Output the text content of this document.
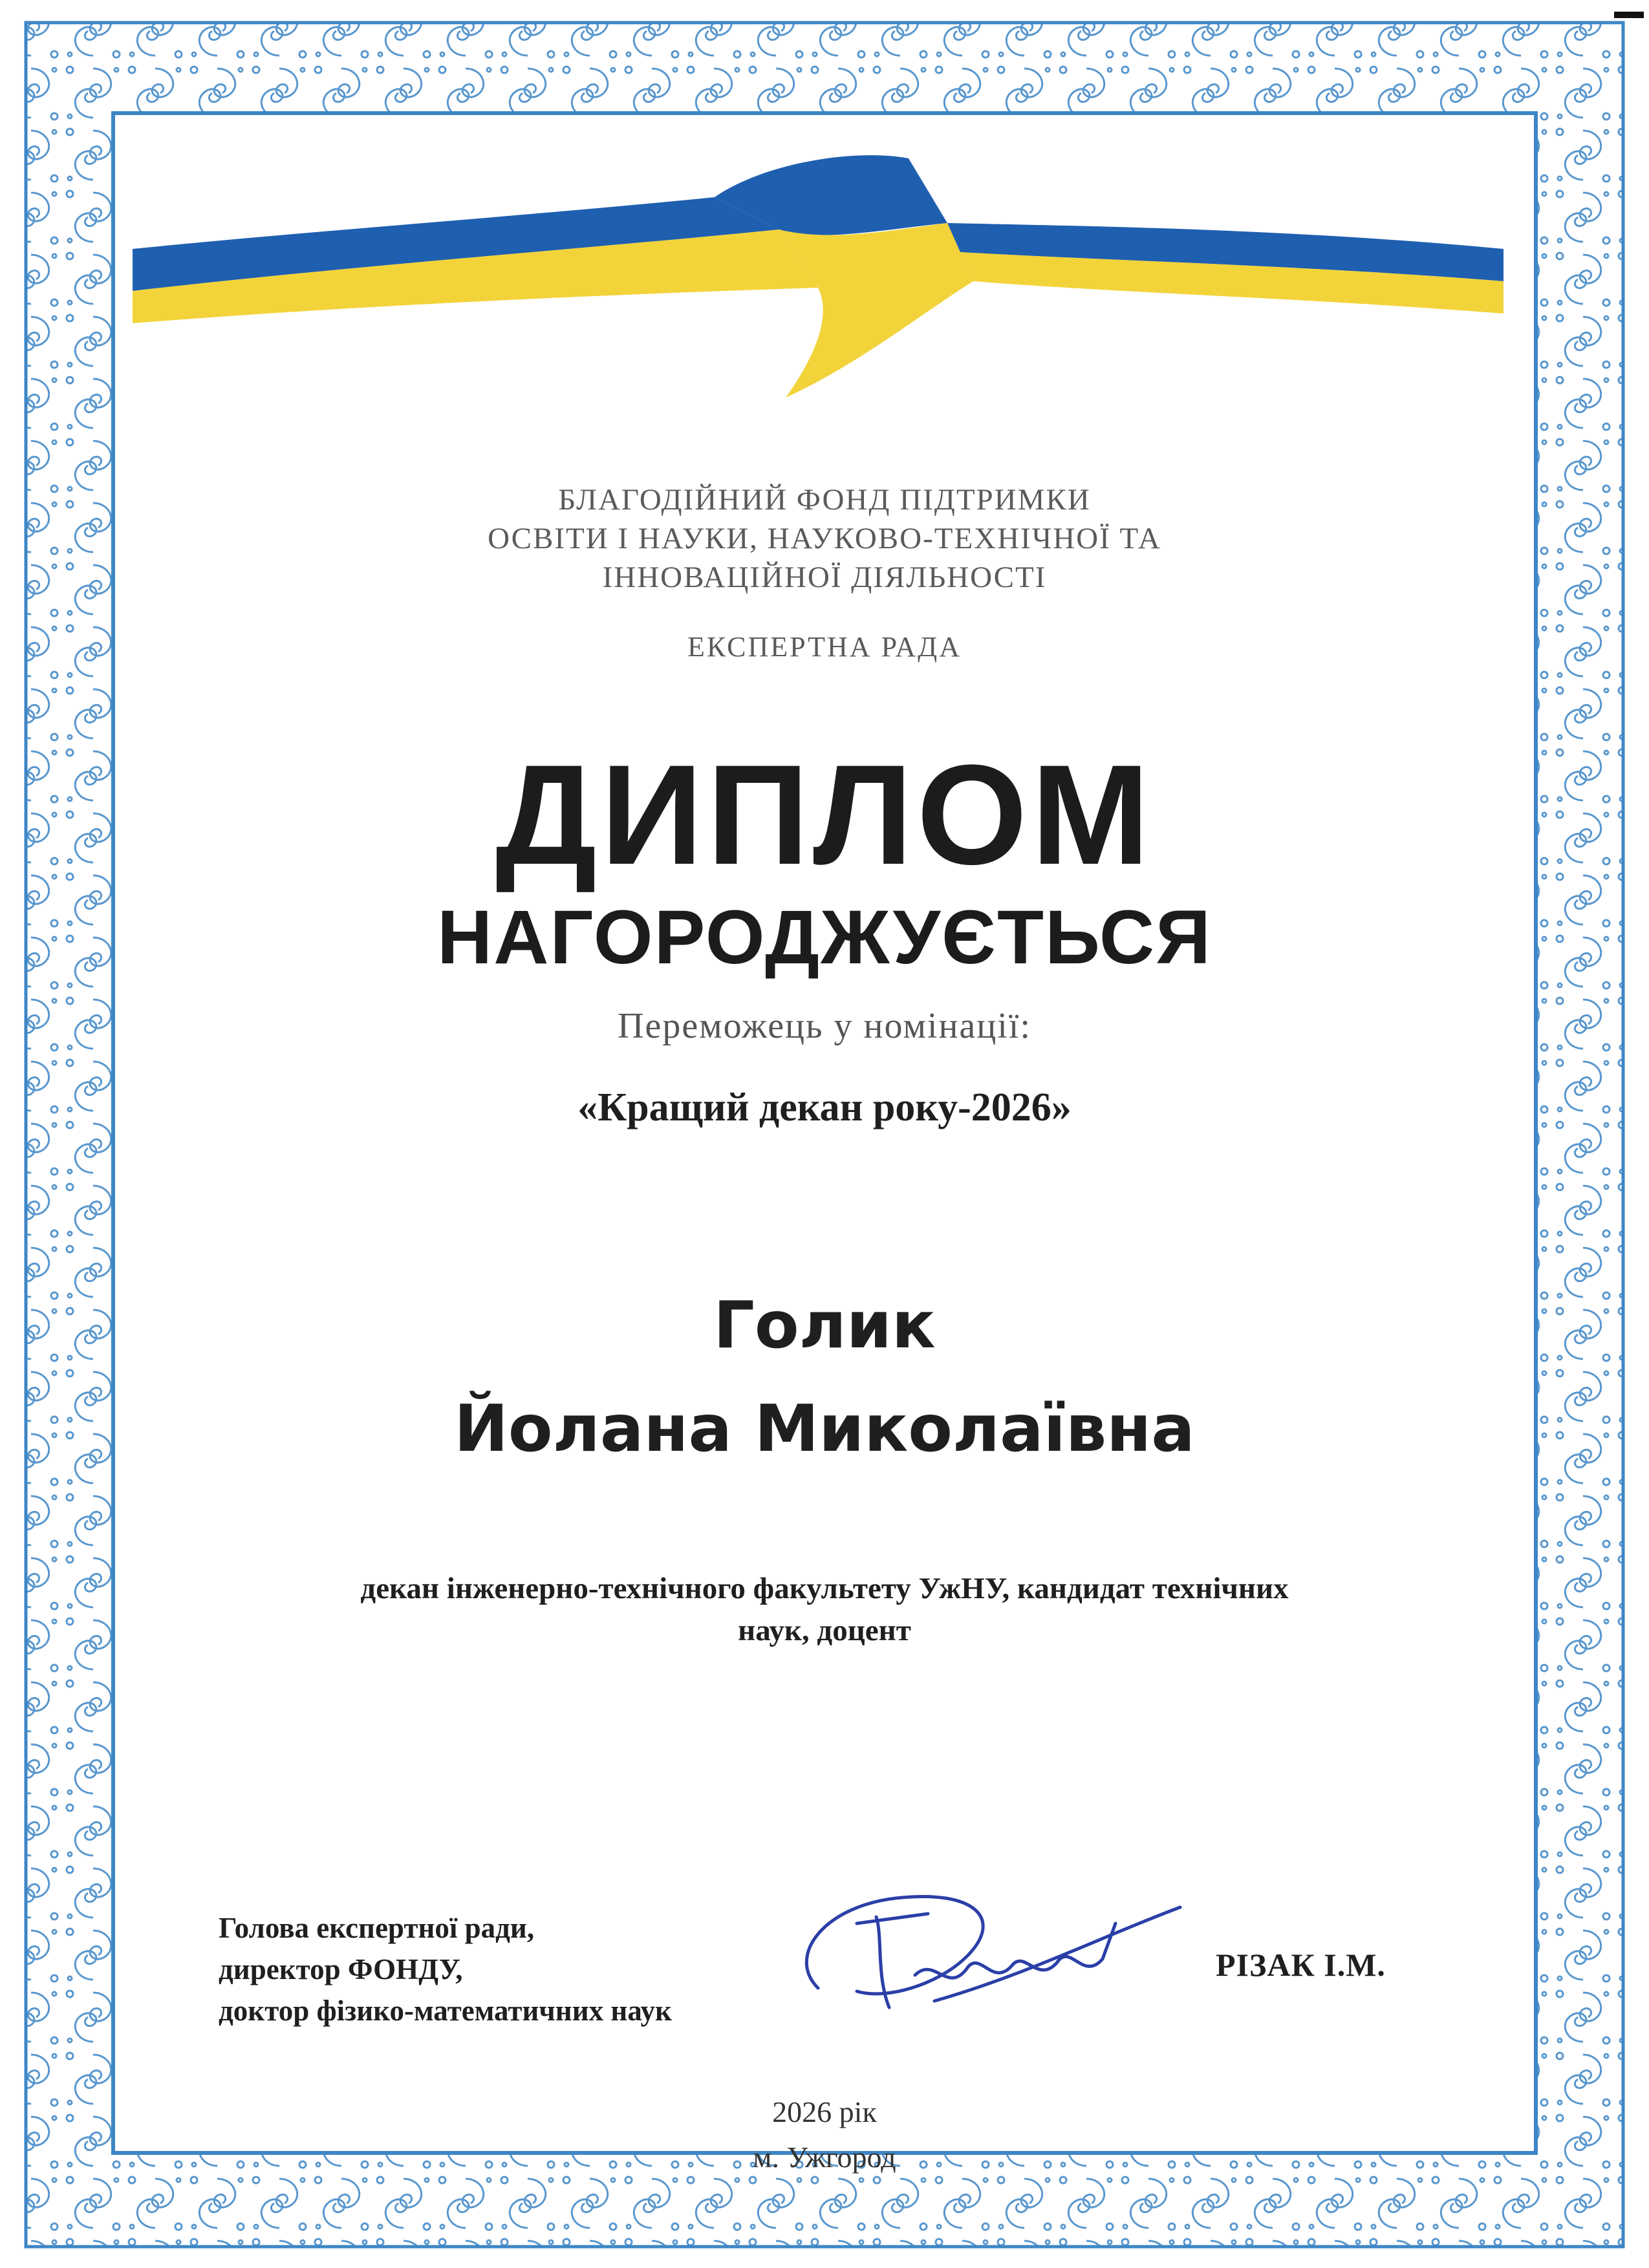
БЛАГОДІЙНИЙ ФОНД ПІДТРИМКИ
ОСВІТИ І НАУКИ, НАУКОВО-ТЕХНІЧНОЇ ТА
ІННОВАЦІЙНОЇ ДІЯЛЬНОСТІ
ЕКСПЕРТНА РАДА
ДИПЛОМ
НАГОРОДЖУЄТЬСЯ
Переможець у номінації:
«Кращий декан року-2026»
Голик
Йолана Миколаївна
декан інженерно-технічного факультету УжНУ, кандидат технічних
наук, доцент
Голова експертної ради,
директор ФОНДУ,
доктор фізико-математичних наук
РІЗАК І.М.
2026 рік
м. Ужгород
